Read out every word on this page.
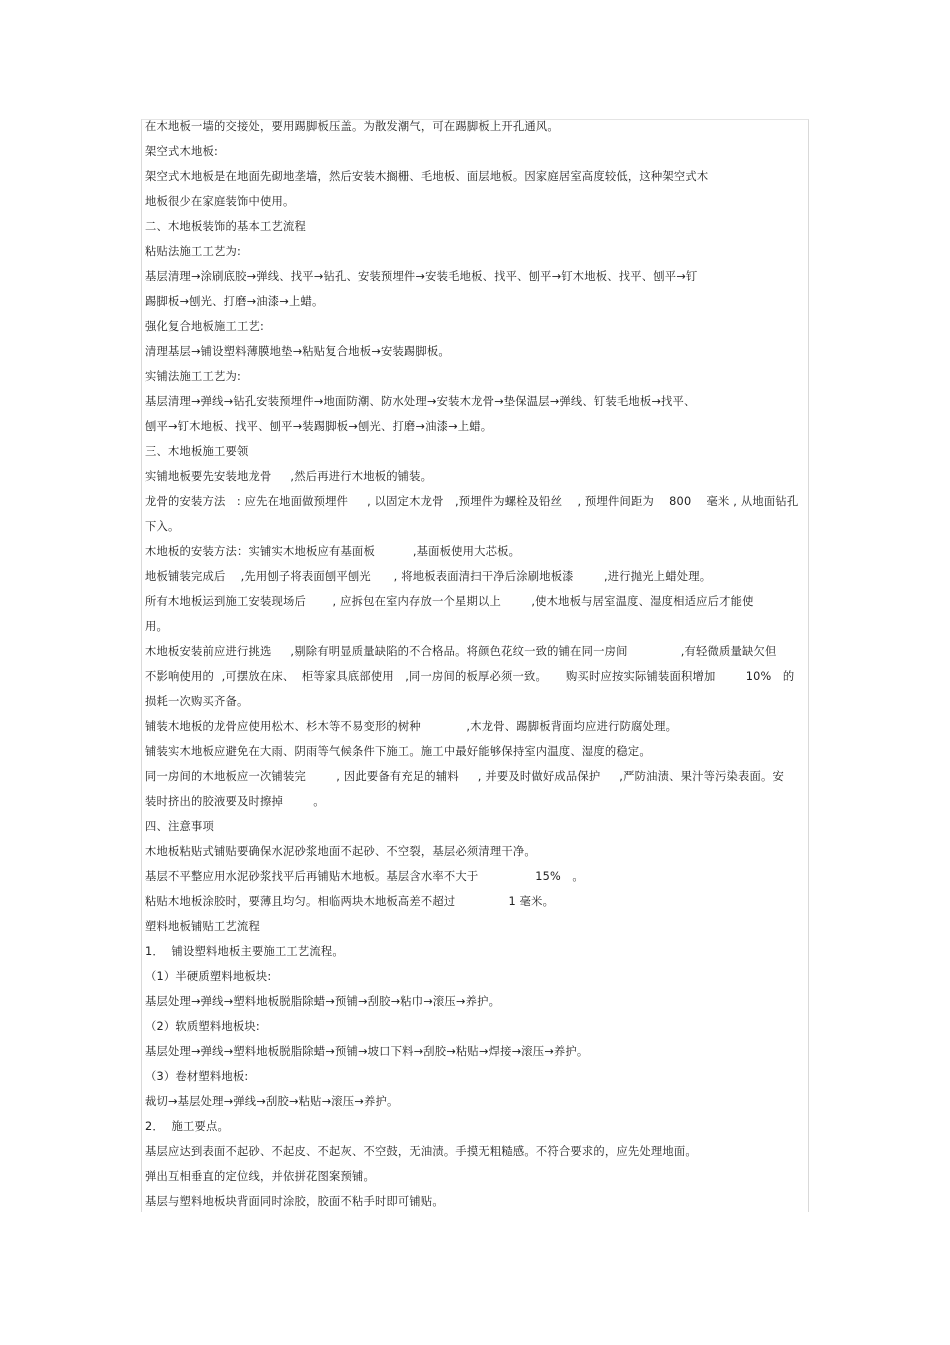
在木地板一墙的交接处，要用踢脚板压盖。为散发潮气，可在踢脚板上开孔通风。
架空式木地板:
架空式木地板是在地面先砌地垄墙，然后安装木搁栅、毛地板、面层地板。因家庭居室高度较低，这种架空式木
地板很少在家庭装饰中使用。
二、木地板装饰的基本工艺流程
粘贴法施工工艺为:
基层清理→涂刷底胶→弹线、找平→钻孔、安装预埋件→安装毛地板、找平、刨平→钉木地板、找平、刨平→钉
踢脚板→刨光、打磨→油漆→上蜡。
强化复合地板施工工艺:
清理基层→铺设塑料薄膜地垫→粘贴复合地板→安装踢脚板。
实铺法施工工艺为:
基层清理→弹线→钻孔安装预埋件→地面防潮、防水处理→安装木龙骨→垫保温层→弹线、钉装毛地板→找平、
刨平→钉木地板、找平、刨平→装踢脚板→刨光、打磨→油漆→上蜡。
三、木地板施工要领
实铺地板要先安装地龙骨     ,然后再进行木地板的铺装。
龙骨的安装方法   : 应先在地面做预埋件     , 以固定木龙骨   ,预埋件为螺栓及铅丝    , 预埋件间距为    800    毫米 , 从地面钻孔
下入。
木地板的安装方法：实铺实木地板应有基面板          ,基面板使用大芯板。
地板铺装完成后    ,先用刨子将表面刨平刨光      , 将地板表面清扫干净后涂刷地板漆        ,进行抛光上蜡处理。
所有木地板运到施工安装现场后       , 应拆包在室内存放一个星期以上        ,使木地板与居室温度、湿度相适应后才能使
用。
木地板安装前应进行挑选     ,剔除有明显质量缺陷的不合格品。将颜色花纹一致的铺在同一房间              ,有轻微质量缺欠但
不影响使用的  ,可摆放在床、  柜等家具底部使用   ,同一房间的板厚必须一致。     购买时应按实际铺装面积增加        10%   的
损耗一次购买齐备。
铺装木地板的龙骨应使用松木、杉木等不易变形的树种            ,木龙骨、踢脚板背面均应进行防腐处理。
铺装实木地板应避免在大雨、阴雨等气候条件下施工。施工中最好能够保持室内温度、湿度的稳定。
同一房间的木地板应一次铺装完        , 因此要备有充足的辅料     , 并要及时做好成品保护     ,严防油渍、果汁等污染表面。安
装时挤出的胶液要及时擦掉        。
四、注意事项
木地板粘贴式铺贴要确保水泥砂浆地面不起砂、不空裂，基层必须清理干净。
基层不平整应用水泥砂浆找平后再铺贴木地板。基层含水率不大于               15%   。
粘贴木地板涂胶时，要薄且均匀。相临两块木地板高差不超过              1 毫米。
塑料地板铺贴工艺流程
1．  铺设塑料地板主要施工工艺流程。
（1）半硬质塑料地板块:
基层处理→弹线→塑料地板脱脂除蜡→预铺→刮胶→粘巾→滚压→养护。
（2）软质塑料地板块:
基层处理→弹线→塑料地板脱脂除蜡→预铺→坡口下料→刮胶→粘贴→焊接→滚压→养护。
（3）卷材塑料地板:
裁切→基层处理→弹线→刮胶→粘贴→滚压→养护。
2．  施工要点。
基层应达到表面不起砂、不起皮、不起灰、不空鼓，无油渍。手摸无粗糙感。不符合要求的，应先处理地面。
弹出互相垂直的定位线，并依拼花图案预铺。
基层与塑料地板块背面同时涂胶，胶面不粘手时即可铺贴。
